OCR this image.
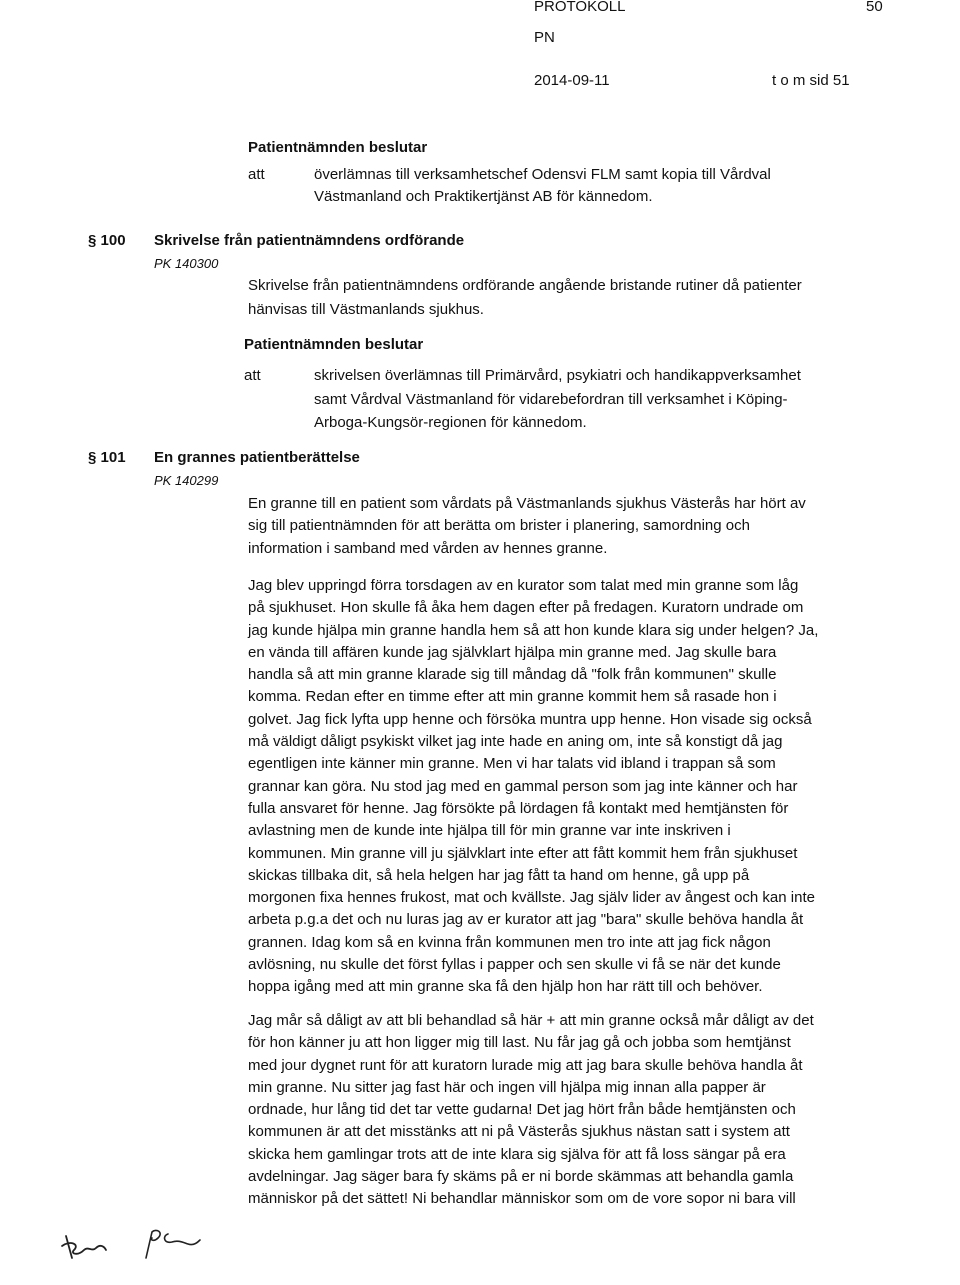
PROTOKOLL	50
PN
2014-09-11	t o m sid 51
Patientnämnden beslutar
att	överlämnas till verksamhetschef Odensvi FLM samt kopia till Vårdval
Västmanland och Praktikertjänst AB för kännedom.
§ 100 Skrivelse från patientnämndens ordförande
PK 140300
Skrivelse från patientnämndens ordförande angående bristande rutiner då patienter
hänvisas till Västmanlands sjukhus.
Patientnämnden beslutar
att	skrivelsen överlämnas till Primärvård, psykiatri och handikappverksamhet
samt Vårdval Västmanland för vidarebefordran till verksamhet i Köping-
Arboga-Kungsör-regionen för kännedom.
§ 101 En grannes patientberättelse
PK 140299
En granne till en patient som vårdats på Västmanlands sjukhus Västerås har hört av
sig till patientnämnden för att berätta om brister i planering, samordning och
information i samband med vården av hennes granne.
Jag blev uppringd förra torsdagen av en kurator som talat med min granne som låg
på sjukhuset. Hon skulle få åka hem dagen efter på fredagen. Kuratorn undrade om
jag kunde hjälpa min granne handla hem så att hon kunde klara sig under helgen? Ja,
en vända till affären kunde jag självklart hjälpa min granne med. Jag skulle bara
handla så att min granne klarade sig till måndag då "folk från kommunen" skulle
komma. Redan efter en timme efter att min granne kommit hem så rasade hon i
golvet. Jag fick lyfta upp henne och försöka muntra upp henne. Hon visade sig också
må väldigt dåligt psykiskt vilket jag inte hade en aning om, inte så konstigt då jag
egentligen inte känner min granne. Men vi har talats vid ibland i trappan så som
grannar kan göra. Nu stod jag med en gammal person som jag inte känner och har
fulla ansvaret för henne. Jag försökte på lördagen få kontakt med hemtjänsten för
avlastning men de kunde inte hjälpa till för min granne var inte inskriven i
kommunen. Min granne vill ju självklart inte efter att fått kommit hem från sjukhuset
skickas tillbaka dit, så hela helgen har jag fått ta hand om henne, gå upp på
morgonen fixa hennes frukost, mat och kvällste. Jag själv lider av ångest och kan inte
arbeta p.g.a det och nu luras jag av er kurator att jag "bara" skulle behöva handla åt
grannen. Idag kom så en kvinna från kommunen men tro inte att jag fick någon
avlösning, nu skulle det först fyllas i papper och sen skulle vi få se när det kunde
hoppa igång med att min granne ska få den hjälp hon har rätt till och behöver.
Jag mår så dåligt av att bli behandlad så här + att min granne också mår dåligt av det
för hon känner ju att hon ligger mig till last. Nu får jag gå och jobba som hemtjänst
med jour dygnet runt för att kuratorn lurade mig att jag bara skulle behöva handla åt
min granne. Nu sitter jag fast här och ingen vill hjälpa mig innan alla papper är
ordnade, hur lång tid det tar vette gudarna! Det jag hört från både hemtjänsten och
kommunen är att det misstänks att ni på Västerås sjukhus nästan satt i system att
skicka hem gamlingar trots att de inte klara sig själva för att få loss sängar på era
avdelningar. Jag säger bara fy skäms på er ni borde skämmas att behandla gamla
människor på det sättet! Ni behandlar människor som om de vore sopor ni bara vill
